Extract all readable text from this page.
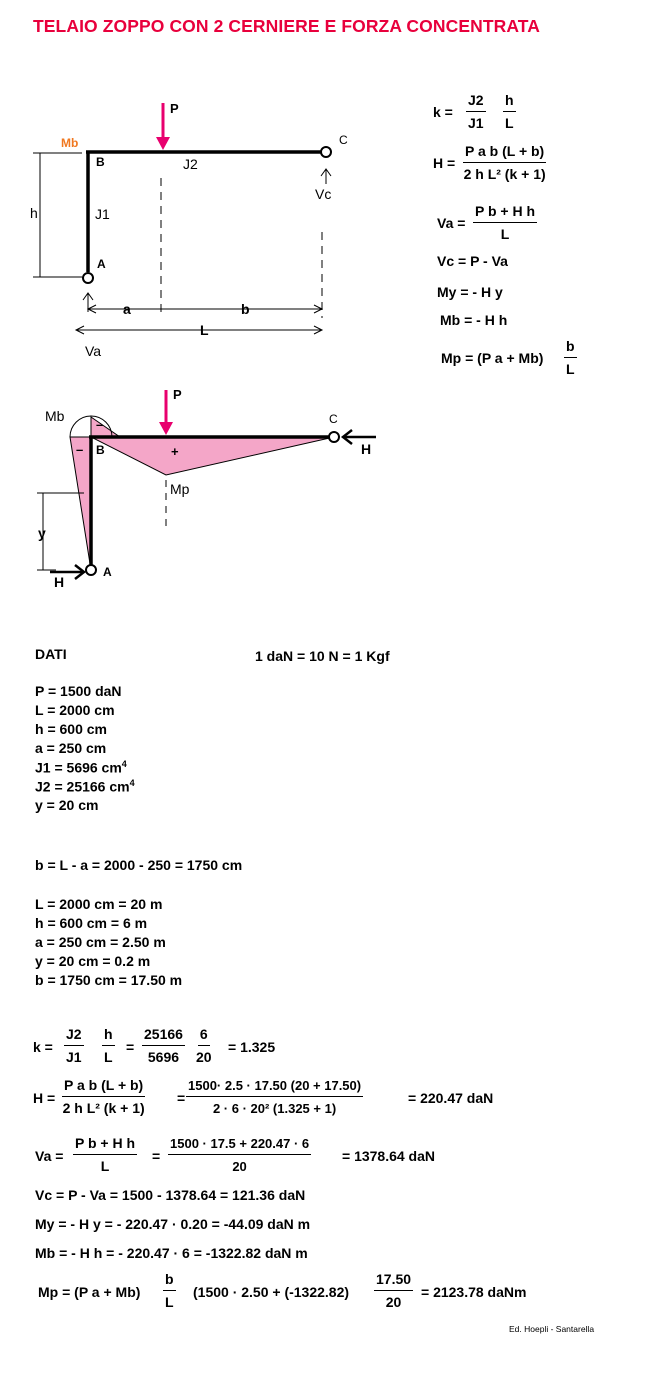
TELAIO ZOPPO CON 2 CERNIERE E FORZA CONCENTRATA
P
Mb
B	J2
C
h	J1
A
Vc
a	b
L
Va
P
Mb
B
C
H
–
–	+
Mp
y
H
A
$k = \frac{J2}{J1} \frac{h}{L}$
$H = \frac{\text{P a b (L + b)}}{\text{2 h L² (k + 1)}}$
$Va = \frac{\text{P b + H h}}{L}$
Vc = P - Va
My = - H y
Mb = - H h
Mp = (P $a + Mb) \frac{b}{L}$
DATI	1 daN = 10 N = 1 Kgf
P = 1500 daN
L = 2000 cm
h = 600 cm
a = 250 cm
J1 = 5696 $cm^4$
J2 = 25166 $cm^4$
y = 20 cm
b = L - a = 2000 - 250 = 1750 cm
L = 2000 cm = 20 m
h = 600 cm = 6 m
a = 250 cm = 2.50 m
y = 20 cm = 0.2 m
b = 1750 cm = 17.50 m
$k = \frac{J2}{J1} \frac{h}{L} = \frac{25166}{5696} \frac{6}{20} = 1.325$
$H = \frac{\text{P a b (L + b)}}{\text{2 h L² (k + 1)}} = \frac{1500\cdot 2.5 \cdot 17.50 (20 + 17.50)}{\text{2 · 6 · 20² (1.325 + 1)}}$	= 220.47 daN
$Va = \frac{\text{P b + H h}}{L} = \frac{1500 \cdot 17.5 + 220.47 \cdot 6}{20} = 1378.64$ daN
Vc = P - Va = 1500 - 1378.64 = 121.36 daN
My = - H y = - 220.47 · 0.20 = -44.09 daN m
Mb = - H h = - 220.47 · 6 = -1322.82 daN m
Mp = (P $a + Mb) \frac{b}{L} (1500 \cdot 2.50 + (-1322.82) \frac{17.50}{20} = 2123.78$ daNm
Ed. Hoepli - Santarella
